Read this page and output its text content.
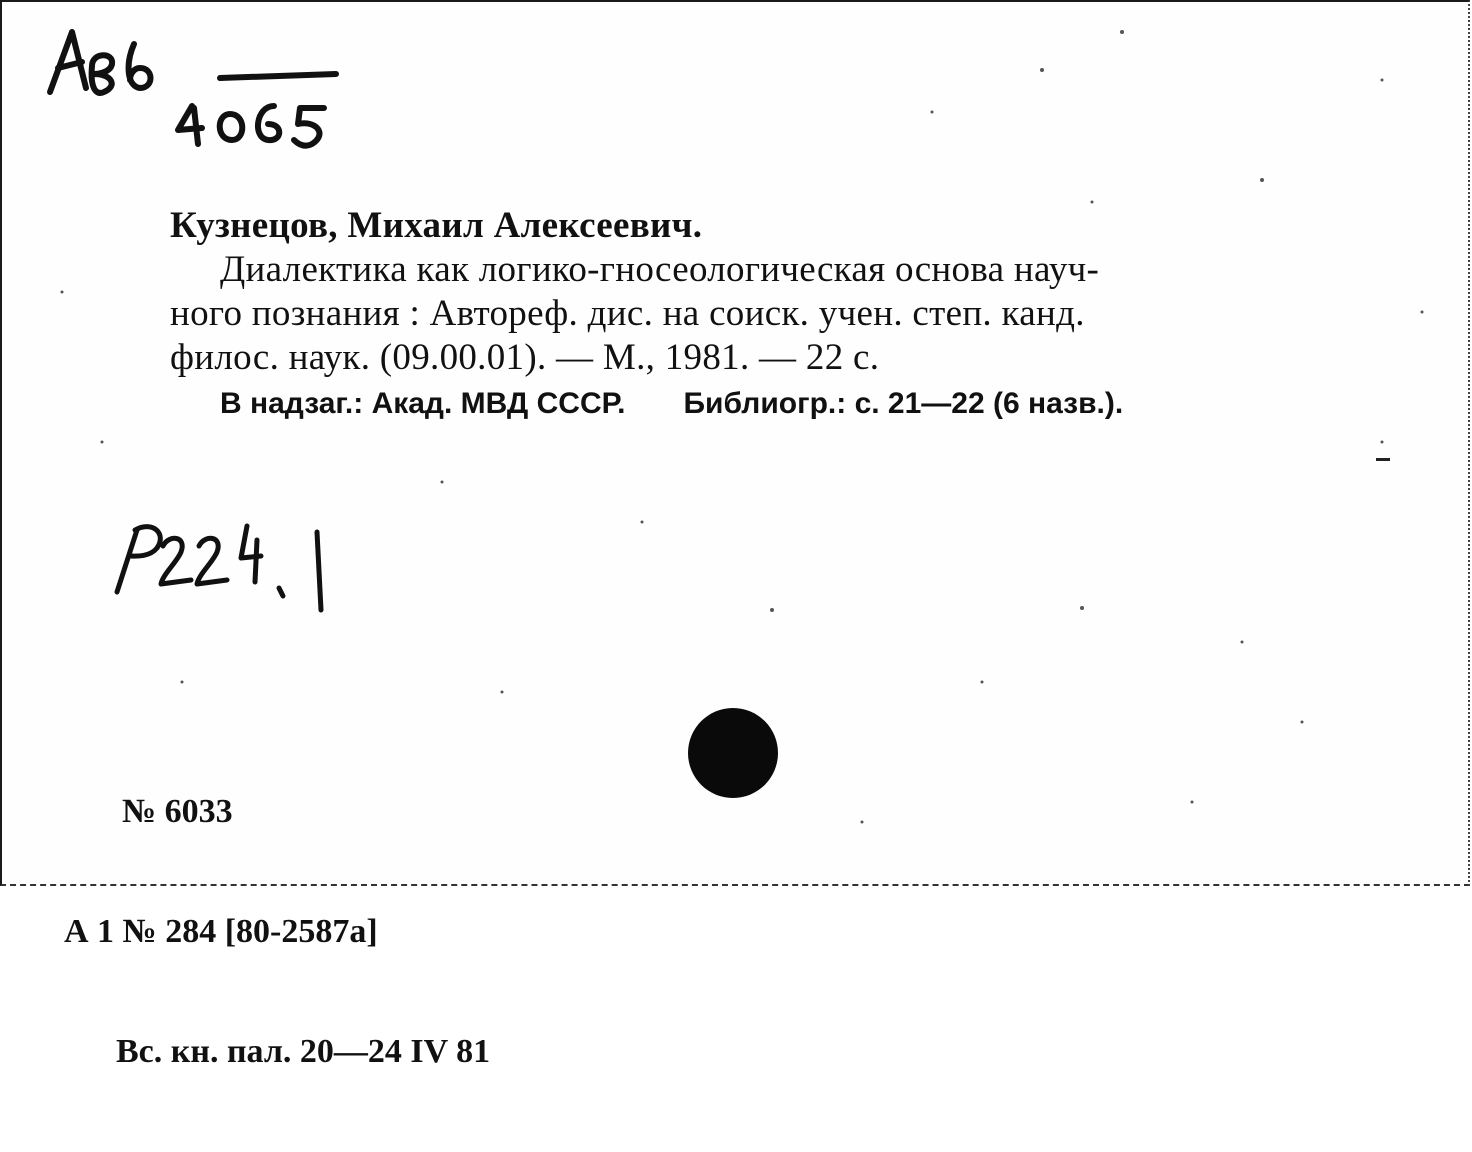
Кузнецов, Михаил Алексеевич.

Диалектика как логико-гносеологическая основа науч-

ного познания : Автореф. дис. на соиск. учен. степ. канд.

филос. наук. (09.00.01). — М., 1981. — 22 с.

В надзаг.: Акад. МВД СССР. Библиогр.: с. 21—22 (6 назв.).

№ 6033

А 1 № 284 [80-2587а]

Вс. кн. пал. 20—24 IV 81
